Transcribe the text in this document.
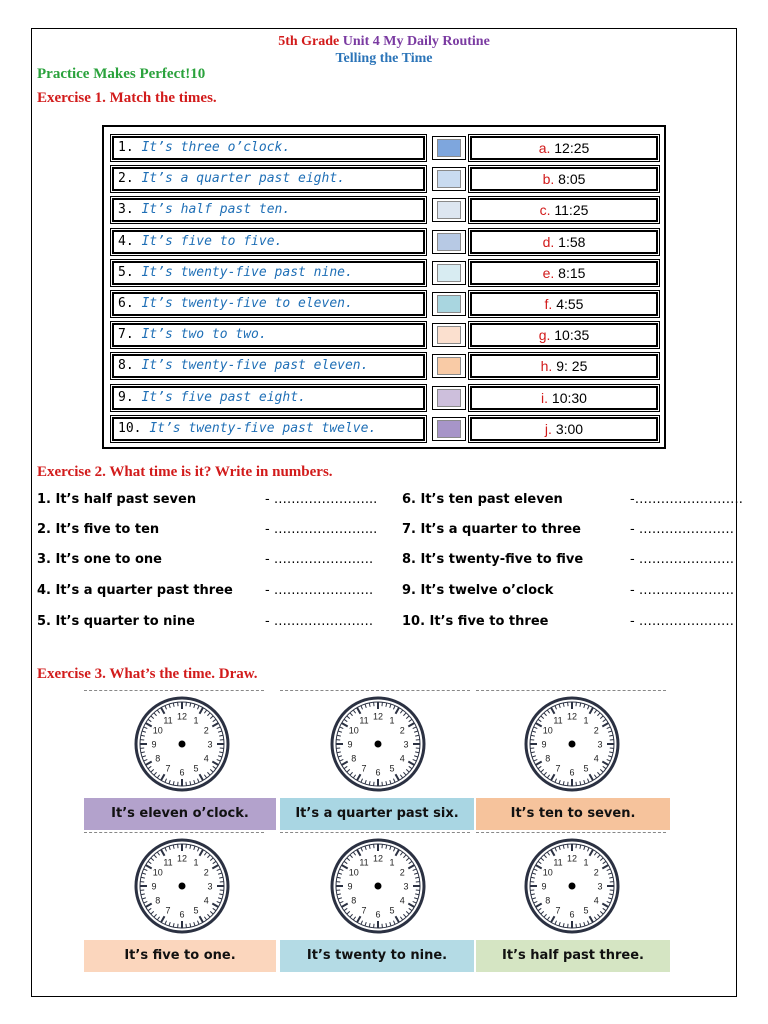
5th Grade Unit 4 My Daily Routine
Telling the Time
Practice Makes Perfect!10
Exercise 1. Match the times.
1. It’s three o’clock.	a. 12:25
2. It’s a quarter past eight.	b. 8:05
3. It’s half past ten.	c. 11:25
4. It’s five to five.	d. 1:58
5. It’s twenty-five past nine.	e. 8:15
6. It’s twenty-five to eleven.	f. 4:55
7. It’s two to two.	g. 10:35
8. It’s twenty-five past eleven.	h. 9: 25
9. It’s five past eight.	i. 10:30
10. It’s twenty-five past twelve.	j. 3:00
Exercise 2. What time is it? Write in numbers.
1. It’s half past seven	- …………………...
2. It’s five to ten	- …………………...
3. It’s one to one	- ……………….….
4. It’s a quarter past three - …………….…….
5. It’s quarter to nine	- ….….……………
6. It’s ten past eleven	-…………………….
7. It’s a quarter to three	- ……….…………
8. It’s twenty-five to five	- ………………….
9. It’s twelve o’clock	- ………………….
10. It’s five to three	- …………….……
Exercise 3. What’s the time. Draw.
12 1
2
3
4
5
6
7
8
9
10
11	12 1
2
3
4
5
6
7
8
9
10
11	12 1
2
3
4
5
6
7
8
9
10
11
12 1
2
3
4
5
6
7
8
9
10
11	12 1
2
3
4
5
6
7
8
9
10
11	12 1
2
3
4
5
6
7
8
9
10
11
It’s eleven o’clock.	It’s a quarter past six.	It’s ten to seven.
It’s five to one.	It’s twenty to nine.	It’s half past three.
